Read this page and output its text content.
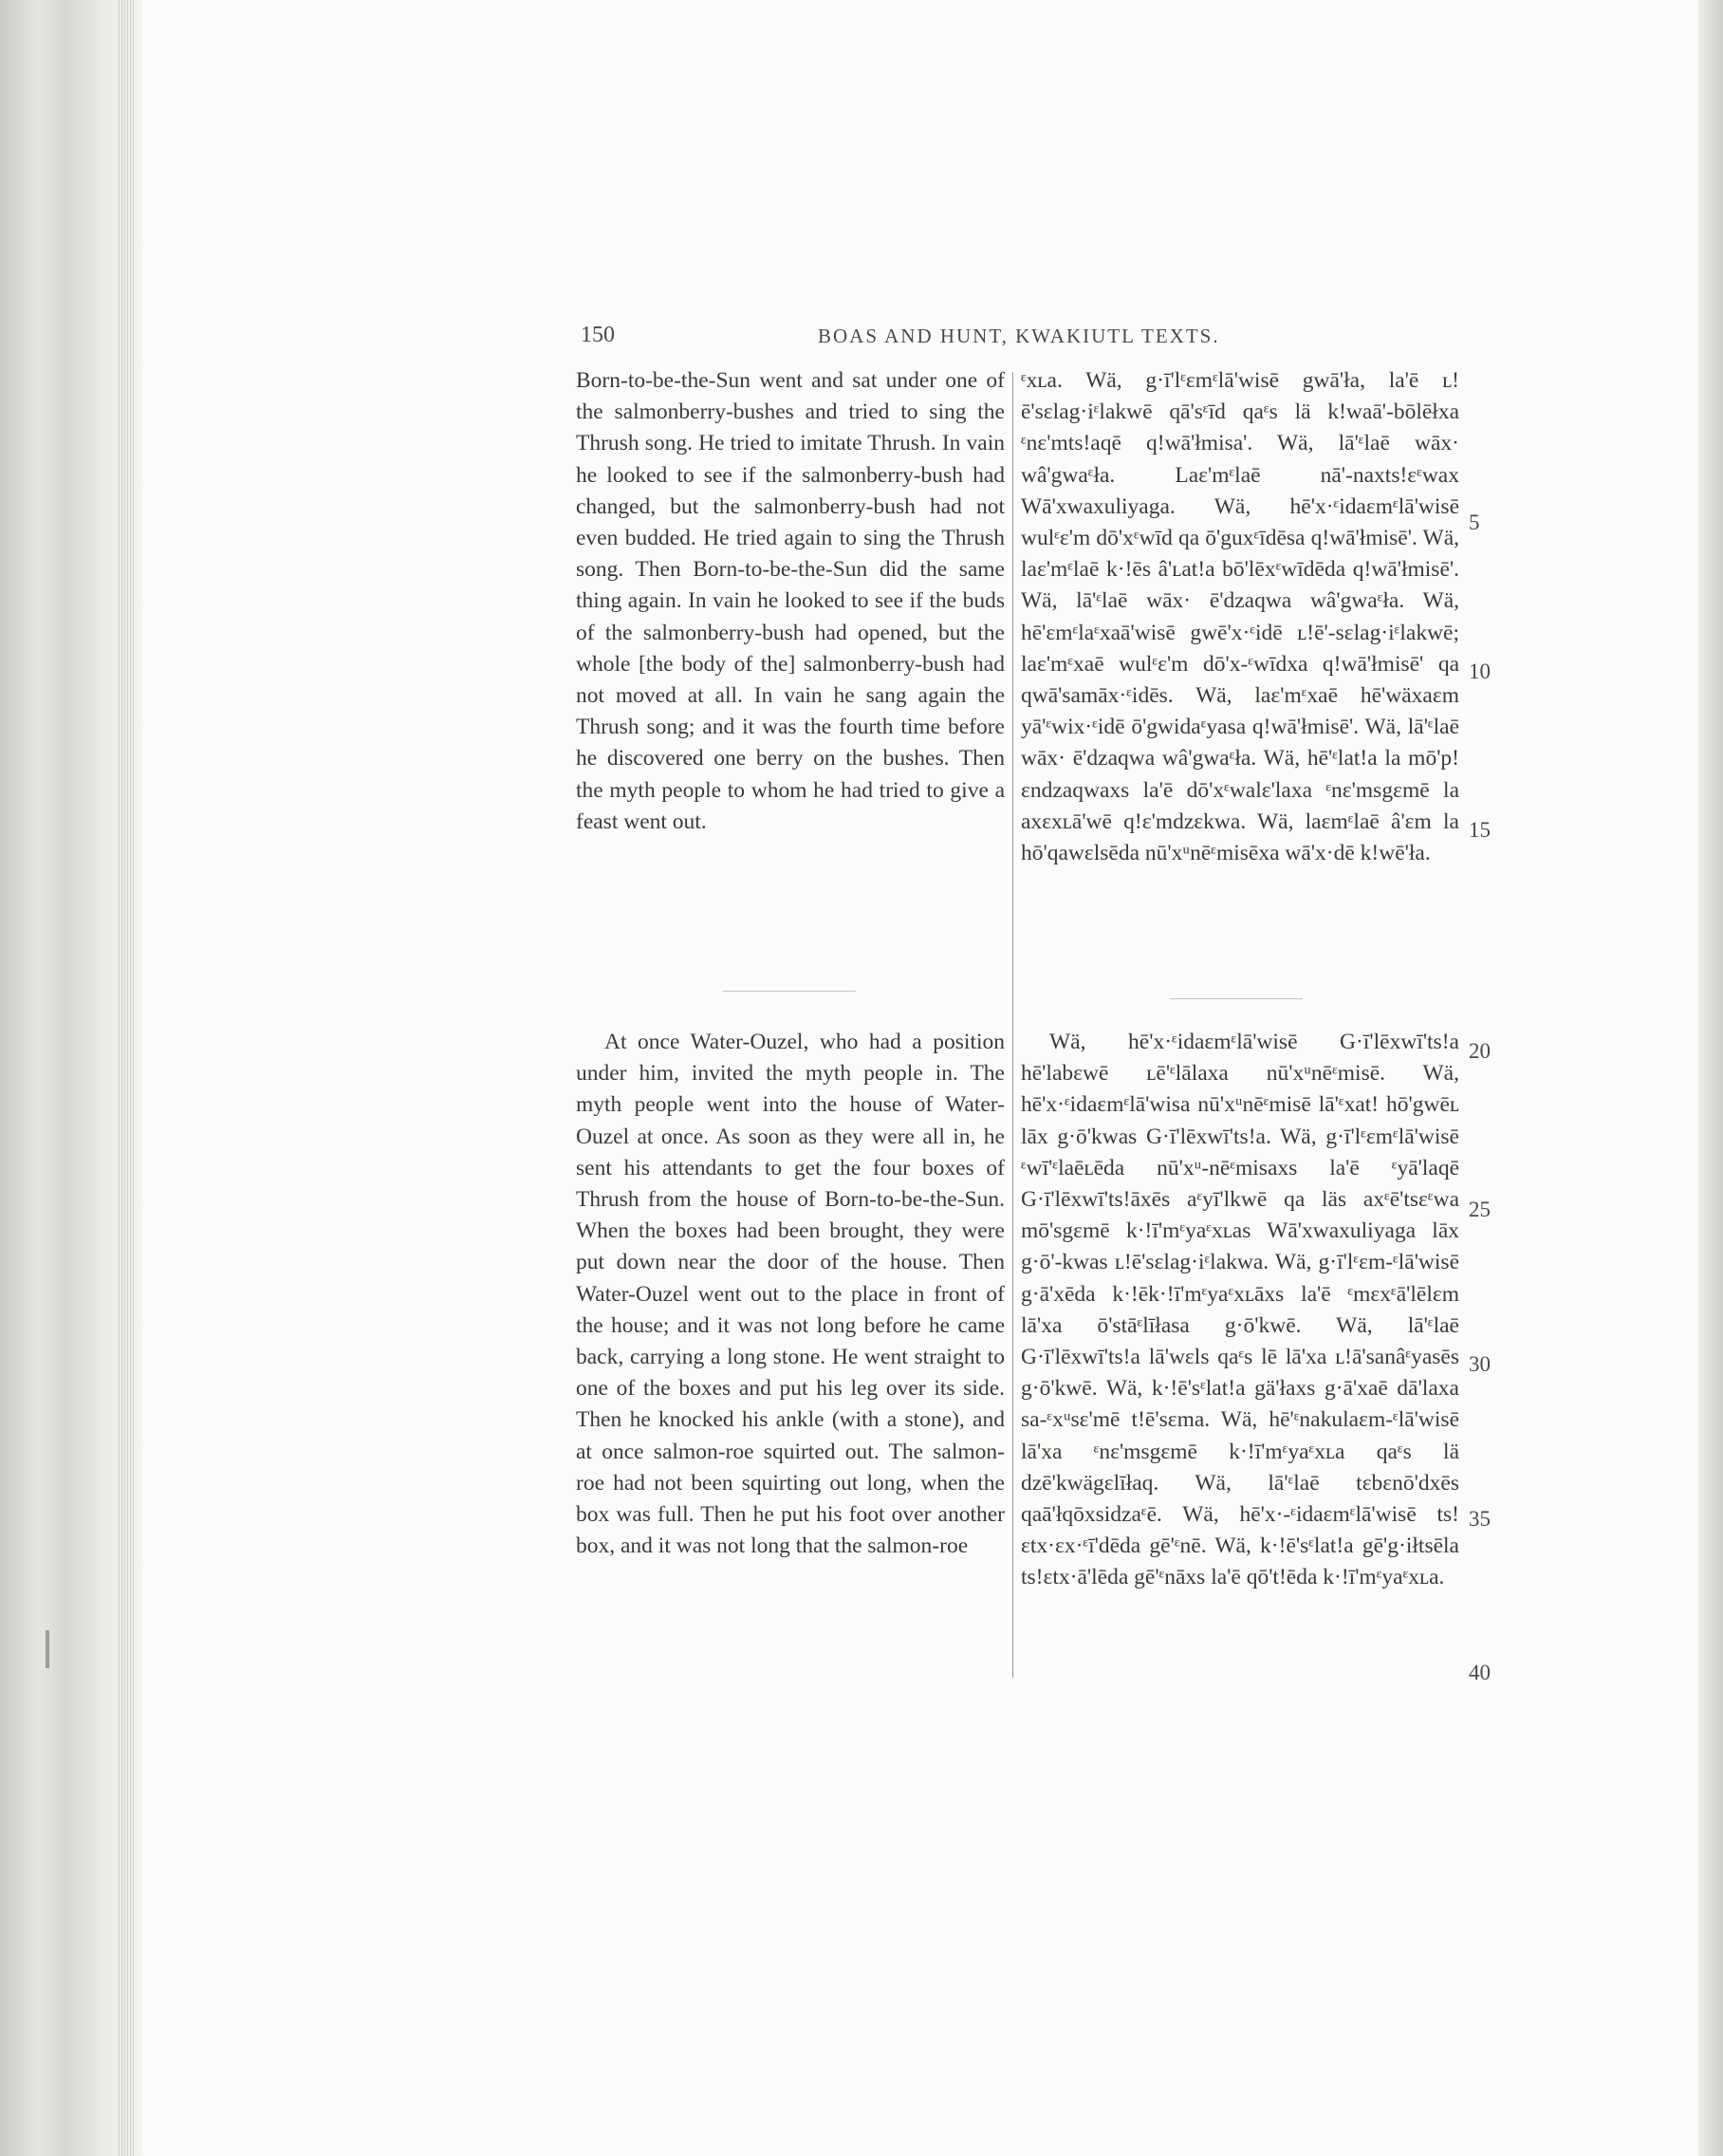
150	BOAS AND HUNT, KWAKIUTL TEXTS.

Born-to-be-the-Sun went and sat under one of the salmonberry-bushes and tried to sing the Thrush song. He tried to imitate Thrush. In vain he looked to see if the salmonberry-bush had changed, but the salmonberry-bush had not even budded. He tried again to sing the Thrush song. Then Born-to-be-the-Sun did the same thing again. In vain he looked to see if the buds of the salmonberry-bush had opened, but the whole [the body of the] salmonberry-bush had not moved at all. In vain he sang again the Thrush song; and it was the fourth time before he discovered one berry on the bushes. Then the myth people to whom he had tried to give a feast went out.

At once Water-Ouzel, who had a position under him, invited the myth people in. The myth people went into the house of Water-Ouzel at once. As soon as they were all in, he sent his attendants to get the four boxes of Thrush from the house of Born-to-be-the-Sun. When the boxes had been brought, they were put down near the door of the house. Then Water-Ouzel went out to the place in front of the house; and it was not long before he came back, carrying a long stone. He went straight to one of the boxes and put his leg over its side. Then he knocked his ankle (with a stone), and at once salmon-roe squirted out. The salmon-roe had not been squirting out long, when the box was full. Then he put his foot over another box, and it was not long that the salmon-roe

ᵋxʟa. Wä, g·ī'lᵋɛmᵋlā'wisē gwā'ła, la'ē ʟ!ē'sɛlag·iᵋlakwē qā'sᵋīd qaᵋs lä k!waā'-bōlēłxa ᵋnɛ'mts!aqē q!wā'łmisa'. Wä, lā'ᵋlaē wāx· wâ'gwaᵋła. Laɛ'mᵋlaē nā'-naxts!ɛᵋwax Wā'xwaxuliyaga. Wä, hē'x·ᵋidaɛmᵋlā'wisē wulᵋɛ'm dō'xᵋwīd qa ō'guxᵋīdēsa q!wā'łmisē'. Wä, laɛ'mᵋlaē k·!ēs â'ʟat!a bō'lēxᵋwīdēda q!wā'łmisē'. Wä, lā'ᵋlaē wāx· ē'dzaqwa wâ'gwaᵋła. Wä, hē'ɛmᵋlaᵋxaā'wisē gwē'x·ᵋidē ʟ!ē'-sɛlag·iᵋlakwē; laɛ'mᵋxaē wulᵋɛ'm dō'x-ᵋwīdxa q!wā'łmisē' qa qwā'samāx·ᵋidēs. Wä, laɛ'mᵋxaē hē'wäxaɛm yā'ᵋwix·ᵋidē ō'gwidaᵋyasa q!wā'łmisē'. Wä, lā'ᵋlaē wāx· ē'dzaqwa wâ'gwaᵋła. Wä, hē'ᵋlat!a la mō'p!ɛndzaqwaxs la'ē dō'xᵋwalɛ'laxa ᵋnɛ'msgɛmē la axɛxʟā'wē q!ɛ'mdzɛkwa. Wä, laɛmᵋlaē â'ɛm la hō'qawɛlsēda nū'xᵘnēᵋmisēxa wā'x·dē k!wē'ła.

Wä, hē'x·ᵋidaɛmᵋlā'wisē G·ī'lēxwī'ts!a hē'labɛwē ʟē'ᵋlālaxa nū'xᵘnēᵋmisē. Wä, hē'x·ᵋidaɛmᵋlā'wisa nū'xᵘnēᵋmisē lā'ᵋxat! hō'gwēʟ lāx g·ō'kwas G·ī'lēxwī'ts!a. Wä, g·ī'lᵋɛmᵋlā'wisē ᵋwī'ᵋlaēʟēda nū'xᵘ-nēᵋmisaxs la'ē ᵋyā'laqē G·ī'lēxwī'ts!āxēs aᵋyī'lkwē qa läs axᵋē'tsɛᵋwa mō'sgɛmē k·!ī'mᵋyaᵋxʟas Wā'xwaxuliyaga lāx g·ō'-kwas ʟ!ē'sɛlag·iᵋlakwa. Wä, g·ī'lᵋɛm-ᵋlā'wisē g·ā'xēda k·!ēk·!ī'mᵋyaᵋxʟāxs la'ē ᵋmɛxᵋā'lēlɛm lā'xa ō'stāᵋlīłasa g·ō'kwē. Wä, lā'ᵋlaē G·ī'lēxwī'ts!a lā'wɛls qaᵋs lē lā'xa ʟ!ā'sanâᵋyasēs g·ō'kwē. Wä, k·!ē'sᵋlat!a gä'łaxs g·ā'xaē dā'laxa sa-ᵋxᵘsɛ'mē t!ē'sɛma. Wä, hē'ᵋnakulaɛm-ᵋlā'wisē lā'xa ᵋnɛ'msgɛmē k·!ī'mᵋyaᵋxʟa qaᵋs lä dzē'kwägɛlīłaq. Wä, lā'ᵋlaē tɛbɛnō'dxēs qaā'łqōxsidzaᵋē. Wä, hē'x·-ᵋidaɛmᵋlā'wisē ts!ɛtx·ɛx·ᵋī'dēda gē'ᵋnē. Wä, k·!ē'sᵋlat!a gē'g·iłtsēla ts!ɛtx·ā'lēda gē'ᵋnāxs la'ē qō't!ēda k·!ī'mᵋyaᵋxʟa.

5
10
15
20
25
30
35
40
